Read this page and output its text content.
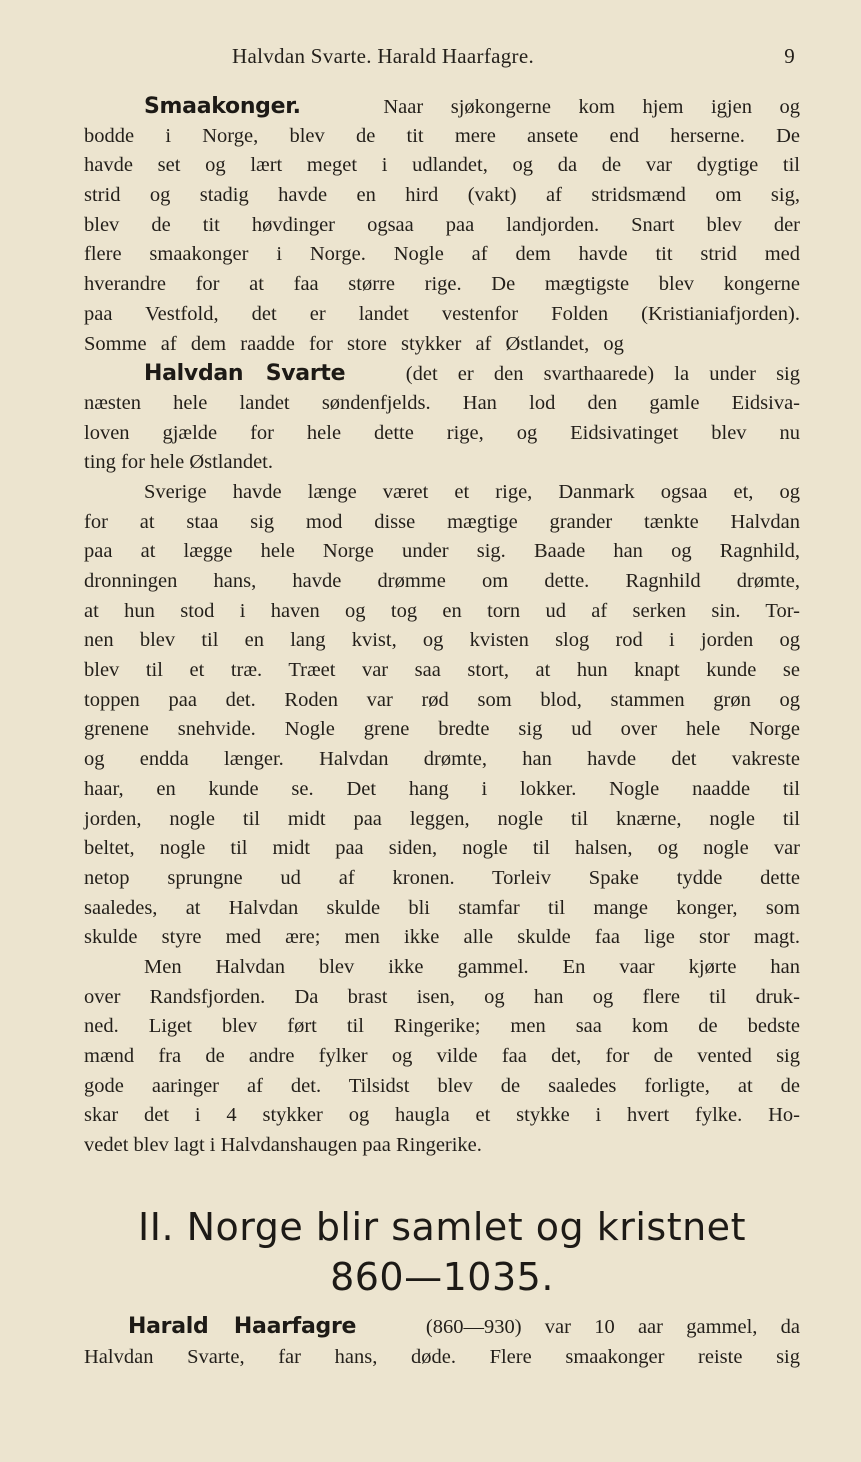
Halvdan Svarte. Harald Haarfagre.	9
Smaakonger.	Naar sjøkongerne kom hjem igjen og
bodde i Norge, blev de tit mere ansete end herserne. De
havde set og lært meget i udlandet, og da de var dygtige til
strid og stadig havde en hird (vakt) af stridsmænd om sig,
blev de tit høvdinger ogsaa paa landjorden. Snart blev der
flere smaakonger i Norge. Nogle af dem havde tit strid med
hverandre for at faa større rige. De mægtigste blev kongerne
paa Vestfold, det er landet vestenfor Folden (Kristianiafjorden).
Somme af dem raadde for store stykker af Østlandet, og
Halvdan Svarte	(det er den svarthaarede) la under sig
næsten hele landet søndenfjelds. Han lod den gamle Eidsiva-
loven gjælde for hele dette rige, og Eidsivatinget blev nu
ting for hele Østlandet.
Sverige havde længe været et rige, Danmark ogsaa et, og
for at staa sig mod disse mægtige grander tænkte Halvdan
paa at lægge hele Norge under sig. Baade han og Ragnhild,
dronningen hans, havde drømme om dette. Ragnhild drømte,
at hun stod i haven og tog en torn ud af serken sin. Tor-
nen blev til en lang kvist, og kvisten slog rod i jorden og
blev til et træ. Træet var saa stort, at hun knapt kunde se
toppen paa det. Roden var rød som blod, stammen grøn og
grenene snehvide. Nogle grene bredte sig ud over hele Norge
og endda længer. Halvdan drømte, han havde det vakreste
haar, en kunde se. Det hang i lokker. Nogle naadde til
jorden, nogle til midt paa leggen, nogle til knærne, nogle til
beltet, nogle til midt paa siden, nogle til halsen, og nogle var
netop sprungne ud af kronen. Torleiv Spake tydde dette
saaledes, at Halvdan skulde bli stamfar til mange konger, som
skulde styre med ære; men ikke alle skulde faa lige stor magt.
Men Halvdan blev ikke gammel. En vaar kjørte han
over Randsfjorden. Da brast isen, og han og flere til druk-
ned. Liget blev ført til Ringerike; men saa kom de bedste
mænd fra de andre fylker og vilde faa det, for de vented sig
gode aaringer af det. Tilsidst blev de saaledes forligte, at de
skar det i 4 stykker og haugla et stykke i hvert fylke. Ho-
vedet blev lagt i Halvdanshaugen paa Ringerike.
II. Norge blir samlet og kristnet
860—1035.
Harald Haarfagre	(860—930) var 10 aar gammel, da
Halvdan Svarte, far hans, døde. Flere smaakonger reiste sig
